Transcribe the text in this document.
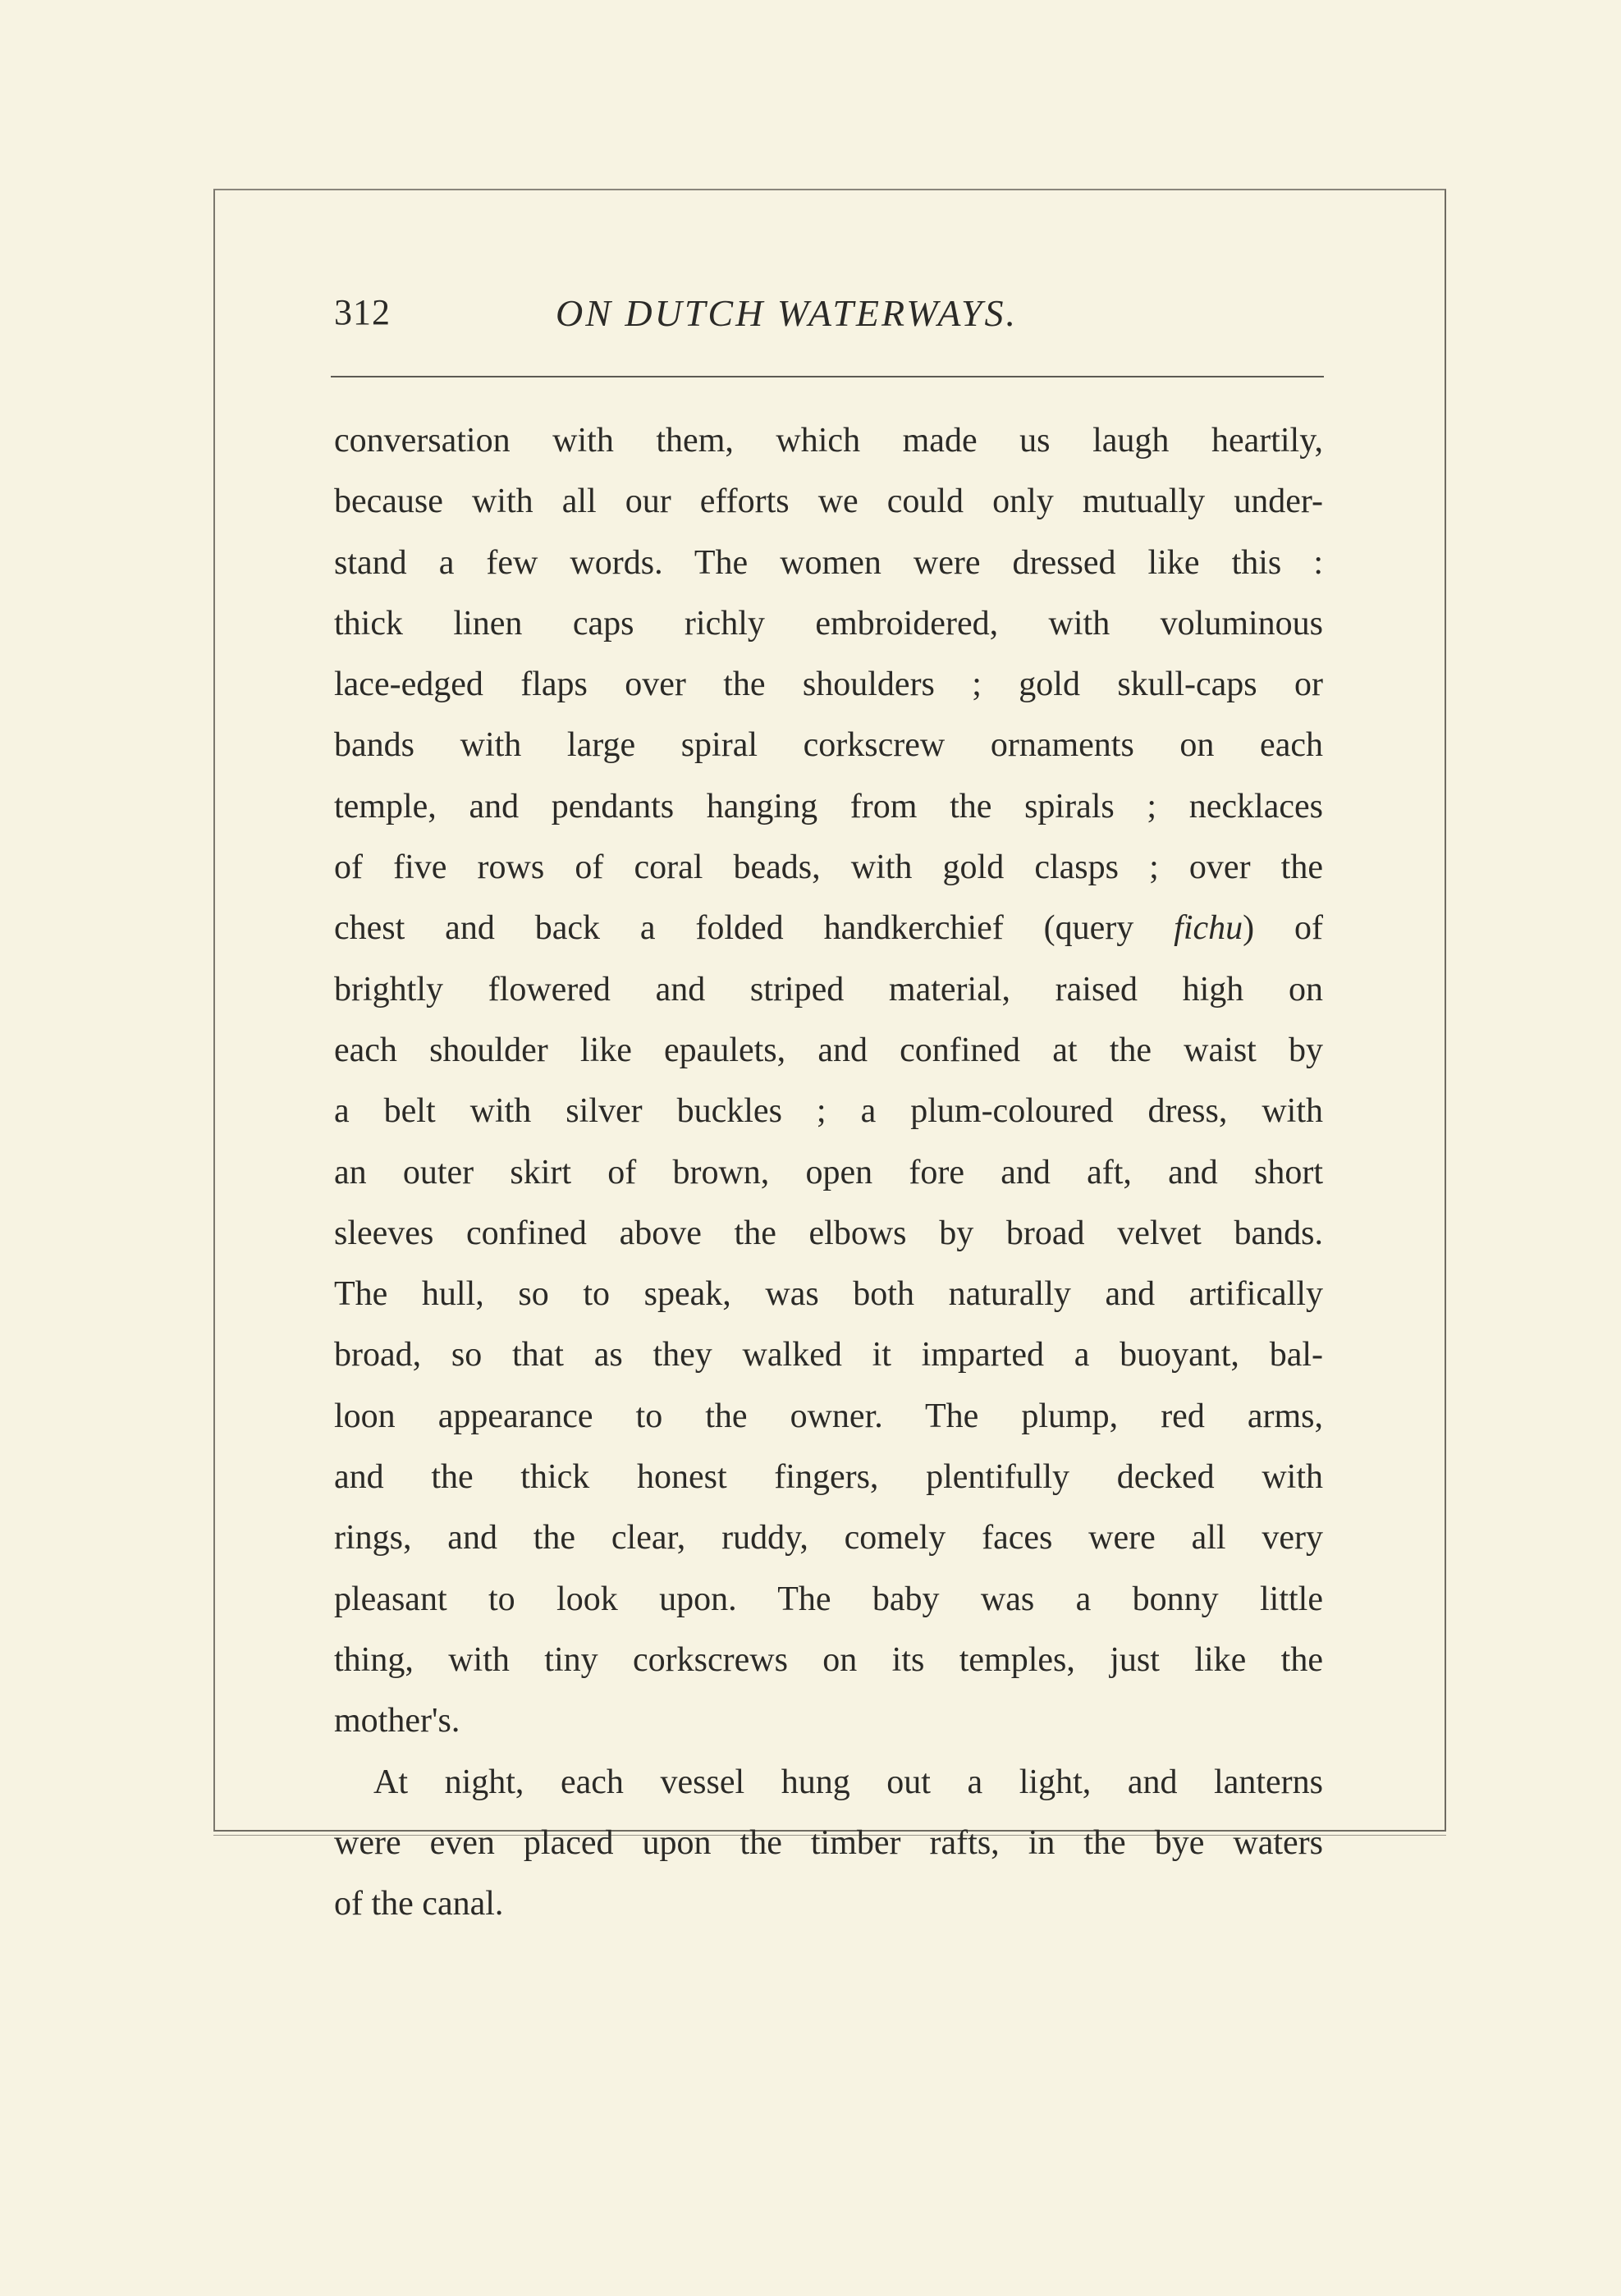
312	ON DUTCH WATERWAYS.
conversation with them, which made us laugh heartily,
because with all our efforts we could only mutually under-
stand a few words. The women were dressed like this :
thick linen caps richly embroidered, with voluminous
lace-edged flaps over the shoulders ; gold skull-caps or
bands with large spiral corkscrew ornaments on each
temple, and pendants hanging from the spirals ; necklaces
of five rows of coral beads, with gold clasps ; over the
chest and back a folded handkerchief (query fichu) of
brightly flowered and striped material, raised high on
each shoulder like epaulets, and confined at the waist by
a belt with silver buckles ; a plum-coloured dress, with
an outer skirt of brown, open fore and aft, and short
sleeves confined above the elbows by broad velvet bands.
The hull, so to speak, was both naturally and artifically
broad, so that as they walked it imparted a buoyant, bal-
loon appearance to the owner. The plump, red arms,
and the thick honest fingers, plentifully decked with
rings, and the clear, ruddy, comely faces were all very
pleasant to look upon. The baby was a bonny little
thing, with tiny corkscrews on its temples, just like the
mother's.
At night, each vessel hung out a light, and lanterns
were even placed upon the timber rafts, in the bye waters
of the canal.
